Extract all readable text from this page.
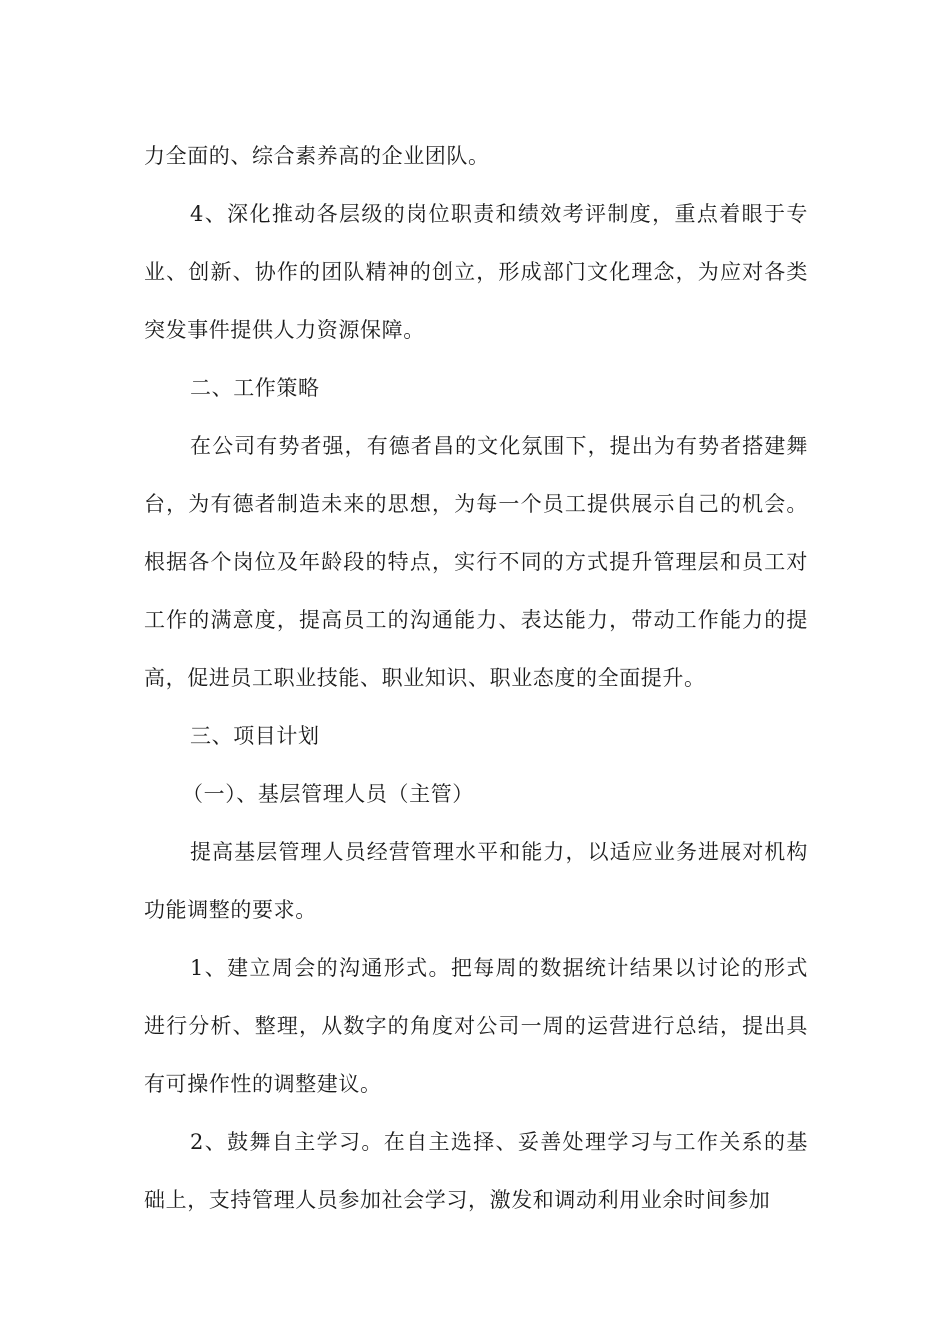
力全面的、综合素养高的企业团队。

4、深化推动各层级的岗位职责和绩效考评制度，重点着眼于专业、创新、协作的团队精神的创立，形成部门文化理念，为应对各类突发事件提供人力资源保障。

二、工作策略

在公司有势者强，有德者昌的文化氛围下，提出为有势者搭建舞台，为有德者制造未来的思想，为每一个员工提供展示自己的机会。根据各个岗位及年龄段的特点，实行不同的方式提升管理层和员工对工作的满意度，提高员工的沟通能力、表达能力，带动工作能力的提高，促进员工职业技能、职业知识、职业态度的全面提升。

三、项目计划

（一）、基层管理人员（主管）

提高基层管理人员经营管理水平和能力，以适应业务进展对机构功能调整的要求。

1、建立周会的沟通形式。把每周的数据统计结果以讨论的形式进行分析、整理，从数字的角度对公司一周的运营进行总结，提出具有可操作性的调整建议。

2、鼓舞自主学习。在自主选择、妥善处理学习与工作关系的基础上，支持管理人员参加社会学习，激发和调动利用业余时间参加
